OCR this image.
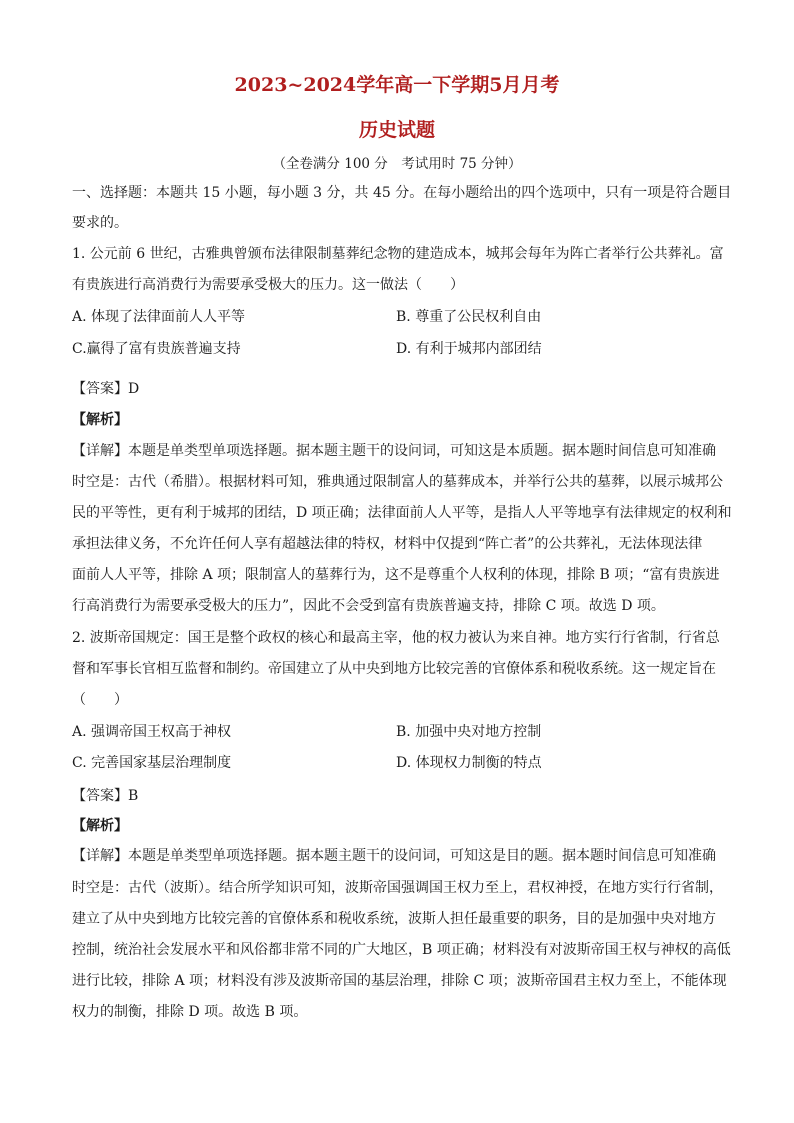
2023~2024学年高一下学期5月月考
历史试题
（全卷满分 100 分　考试用时 75 分钟）
一、选择题：本题共 15 小题，每小题 3 分，共 45 分。在每小题给出的四个选项中，只有一项是符合题目
要求的。
1. 公元前 6 世纪，古雅典曾颁布法律限制墓葬纪念物的建造成本，城邦会每年为阵亡者举行公共葬礼。富
有贵族进行高消费行为需要承受极大的压力。这一做法（　　）
A. 体现了法律面前人人平等	B. 尊重了公民权利自由
C.赢得了富有贵族普遍支持	D. 有利于城邦内部团结
【答案】D
【解析】
【详解】本题是单类型单项选择题。据本题主题干的设问词，可知这是本质题。据本题时间信息可知准确
时空是：古代（希腊）。根据材料可知，雅典通过限制富人的墓葬成本，并举行公共的墓葬，以展示城邦公
民的平等性，更有利于城邦的团结，D 项正确；法律面前人人平等，是指人人平等地享有法律规定的权利和
承担法律义务，不允许任何人享有超越法律的特权，材料中仅提到“阵亡者”的公共葬礼，无法体现法律
面前人人平等，排除 A 项；限制富人的墓葬行为，这不是尊重个人权利的体现，排除 B 项；“富有贵族进
行高消费行为需要承受极大的压力”，因此不会受到富有贵族普遍支持，排除 C 项。故选 D 项。
2. 波斯帝国规定：国王是整个政权的核心和最高主宰，他的权力被认为来自神。地方实行行省制，行省总
督和军事长官相互监督和制约。帝国建立了从中央到地方比较完善的官僚体系和税收系统。这一规定旨在
（　　）
A. 强调帝国王权高于神权	B. 加强中央对地方控制
C. 完善国家基层治理制度	D. 体现权力制衡的特点
【答案】B
【解析】
【详解】本题是单类型单项选择题。据本题主题干的设问词，可知这是目的题。据本题时间信息可知准确
时空是：古代（波斯）。结合所学知识可知，波斯帝国强调国王权力至上，君权神授，在地方实行行省制，
建立了从中央到地方比较完善的官僚体系和税收系统，波斯人担任最重要的职务，目的是加强中央对地方
控制，统治社会发展水平和风俗都非常不同的广大地区，B 项正确；材料没有对波斯帝国王权与神权的高低
进行比较，排除 A 项；材料没有涉及波斯帝国的基层治理，排除 C 项；波斯帝国君主权力至上，不能体现
权力的制衡，排除 D 项。故选 B 项。
